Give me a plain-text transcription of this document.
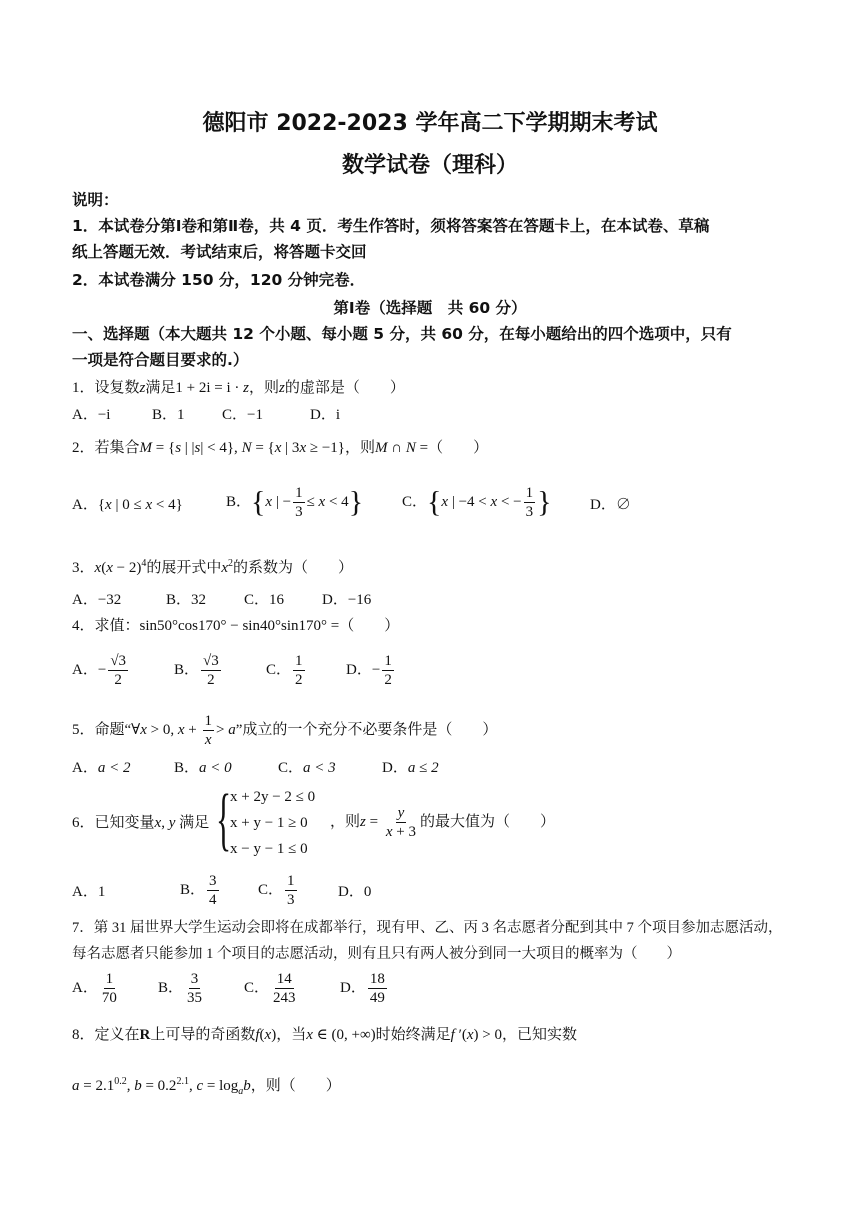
德阳市 2022-2023 学年高二下学期期末考试
数学试卷（理科）
说明：
1．本试卷分第Ⅰ卷和第Ⅱ卷，共 4 页．考生作答时，须将答案答在答题卡上，在本试卷、草稿
纸上答题无效．考试结束后，将答题卡交回
2．本试卷满分 150 分，120 分钟完卷．
第Ⅰ卷（选择题　共 60 分）
一、选择题（本大题共 12 个小题、每小题 5 分，共 60 分，在每小题给出的四个选项中，只有
一项是符合题目要求的.）
1．设复数z满足1 + 2i = i · z，则z的虚部是（　　）
A．−i	B．1 C．−1	D．i
2．若集合M = {s | |s| < 4}, N = {x | 3x ≥ −1}，则M ∩ N =（　　）
A．{x | 0 ≤ x < 4}	B．{x | − $\frac{1}{3} \le x < 4$}	C．{x | −4 < x < − $\frac{1}{3}$ }	D．∅
3．$x(x - 2)^4$的展开式中$x^2$的系数为（　　）
A．−32	B．32	C．16	D．−16
4．求值：sin50°cos170° − sin40°sin170° =（　　）
A．− $\frac{√3}{2}$	B． $\frac{√3}{2}$	C． $\frac{1}{2}$	D．− $\frac{1}{2}$
5．命题“∀x > 0, $x + \frac{1}{x} > a$”成立的一个充分不必要条件是（　　）
A．a < 2	B．a < 0	C．a < 3	D．a ≤ 2
6．已知变量x, y 满足 {
x + 2y − 2 ≤ 0
x + y − 1 ≥ 0
x − y − 1 ≤ 0
，则$z = \frac{y}{x + 3}$ 的最大值为（　　）
A．1	B． $\frac{3}{4}$	C． $\frac{1}{3}$	D．0
7．第 31 届世界大学生运动会即将在成都举行，现有甲、乙、丙 3 名志愿者分配到其中 7 个项目参加志愿活动，
每名志愿者只能参加 1 个项目的志愿活动，则有且只有两人被分到同一大项目的概率为（　　）
A． $\frac{1}{70}$	B． $\frac{3}{35}$	C． $\frac{14}{243}$	D． $\frac{18}{49}$
8．定义在R上可导的奇函数f(x)，当x ∈ (0, +∞)时始终满足f ′(x) > 0，已知实数
$a = 2.1^{0.2}$, $b = 0.2^{2.1}$, $c = \log_ab$，则（　　）
